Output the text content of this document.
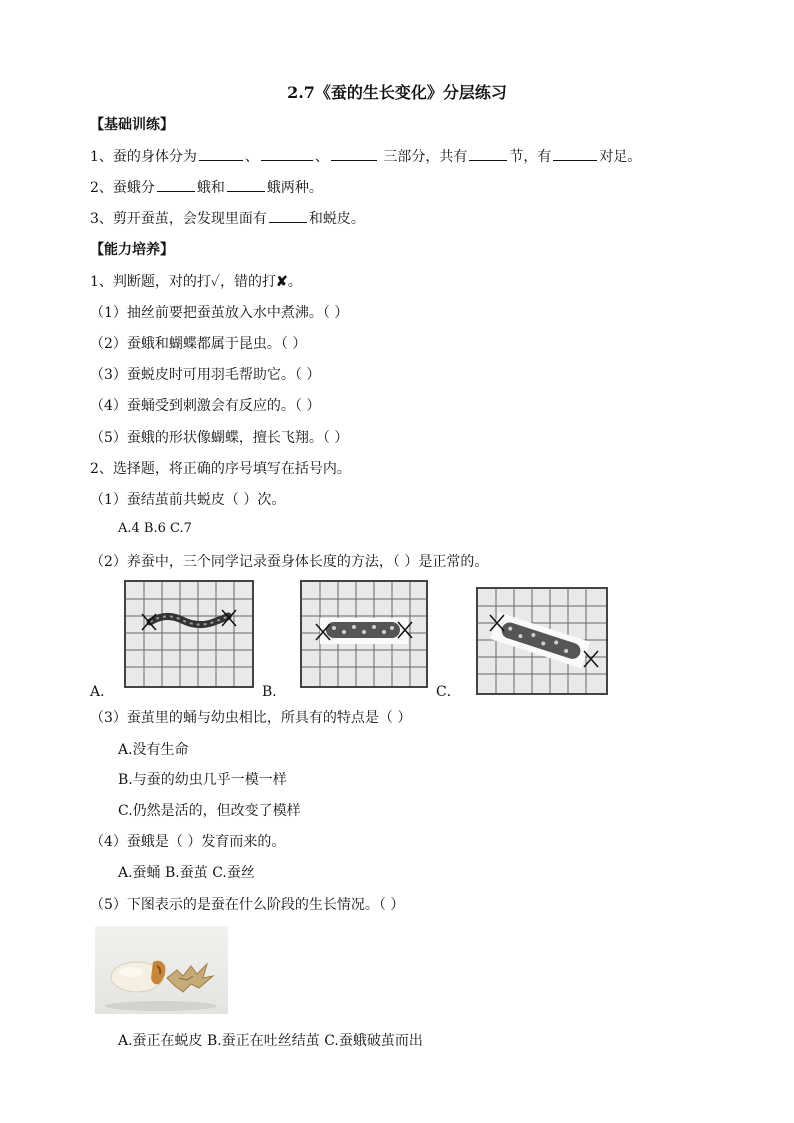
2.7《蚕的生长变化》分层练习
【基础训练】
1、蚕的身体分为	、	、	三部分，共有	节，有	对足。
2、蚕蛾分	蛾和	蛾两种。
3、剪开蚕茧，会发现里面有	和蜕皮。
【能力培养】
1、判断题，对的打✓，错的打✘。
（1）抽丝前要把蚕茧放入水中煮沸。（ ）
（2）蚕蛾和蝴蝶都属于昆虫。（ ）
（3）蚕蜕皮时可用羽毛帮助它。（ ）
（4）蚕蛹受到刺激会有反应的。（ ）
（5）蚕蛾的形状像蝴蝶，擅长飞翔。（ ）
2、选择题，将正确的序号填写在括号内。
（1）蚕结茧前共蜕皮（ ）次。
A.4 B.6 C.7
（2）养蚕中，三个同学记录蚕身体长度的方法，（ ）是正常的。
A．	B．	C．
（3）蚕茧里的蛹与幼虫相比，所具有的特点是（ ）
A.没有生命
B.与蚕的幼虫几乎一模一样
C.仍然是活的，但改变了模样
（4）蚕蛾是（ ）发育而来的。
A.蚕蛹 B.蚕茧 C.蚕丝
（5）下图表示的是蚕在什么阶段的生长情况。（ ）
A.蚕正在蜕皮 B.蚕正在吐丝结茧 C.蚕蛾破茧而出
